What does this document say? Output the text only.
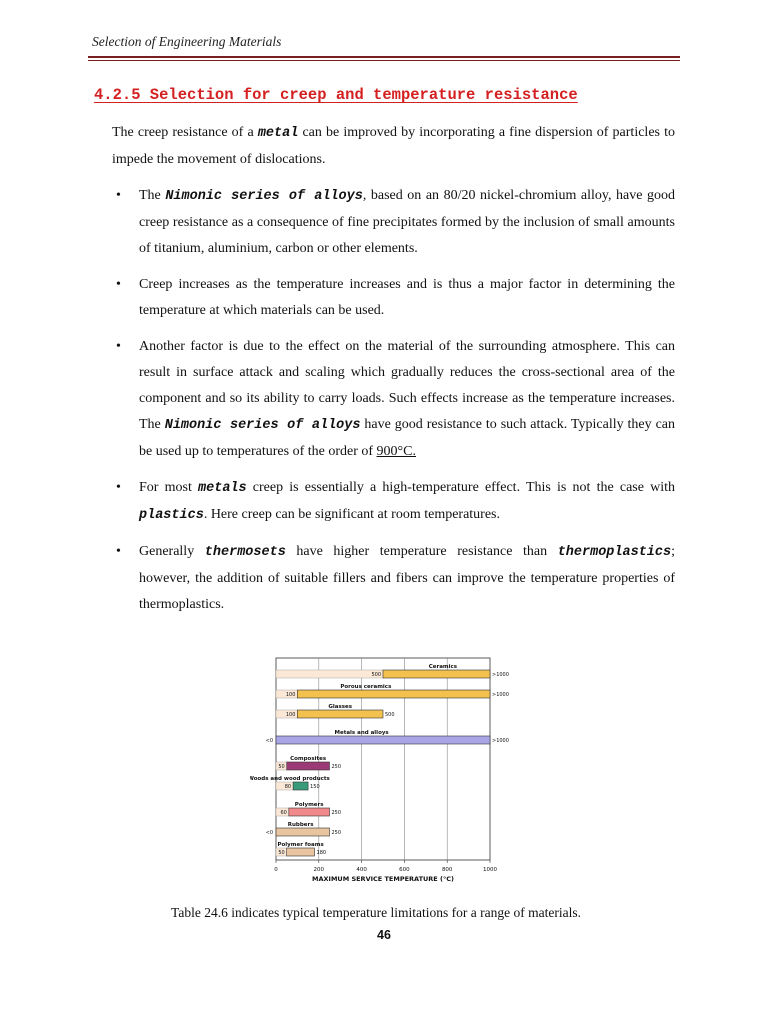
Selection of Engineering Materials
4.2.5 Selection for creep and temperature resistance

The creep resistance of a metal can be improved by incorporating a fine dispersion of particles to impede the movement of dislocations.

• The Nimonic series of alloys, based on an 80/20 nickel-chromium alloy, have good creep resistance as a consequence of fine precipitates formed by the inclusion of small amounts of titanium, aluminium, carbon or other elements.
• Creep increases as the temperature increases and is thus a major factor in determining the temperature at which materials can be used.
• Another factor is due to the effect on the material of the surrounding atmosphere. This can result in surface attack and scaling which gradually reduces the cross-sectional area of the component and so its ability to carry loads. Such effects increase as the temperature increases. The Nimonic series of alloys have good resistance to such attack. Typically they can be used up to temperatures of the order of 900°C.
• For most metals creep is essentially a high-temperature effect. This is not the case with plastics. Here creep can be significant at room temperatures.
• Generally thermosets have higher temperature resistance than thermoplastics; however, the addition of suitable fillers and fibers can improve the temperature properties of thermoplastics.
0	200	400	600	800	1000
MAXIMUM SERVICE TEMPERATURE (°C)
Ceramics
500	>1000
Porous ceramics
100	>1000
Glasses
100	500
Metals and alloys
<0	>1000
Composites
50	250
Woods and wood products
80	150
Polymers
60	250
Rubbers
<0	250
Polymer foams
50	180
Table 24.6 indicates typical temperature limitations for a range of materials.
46
